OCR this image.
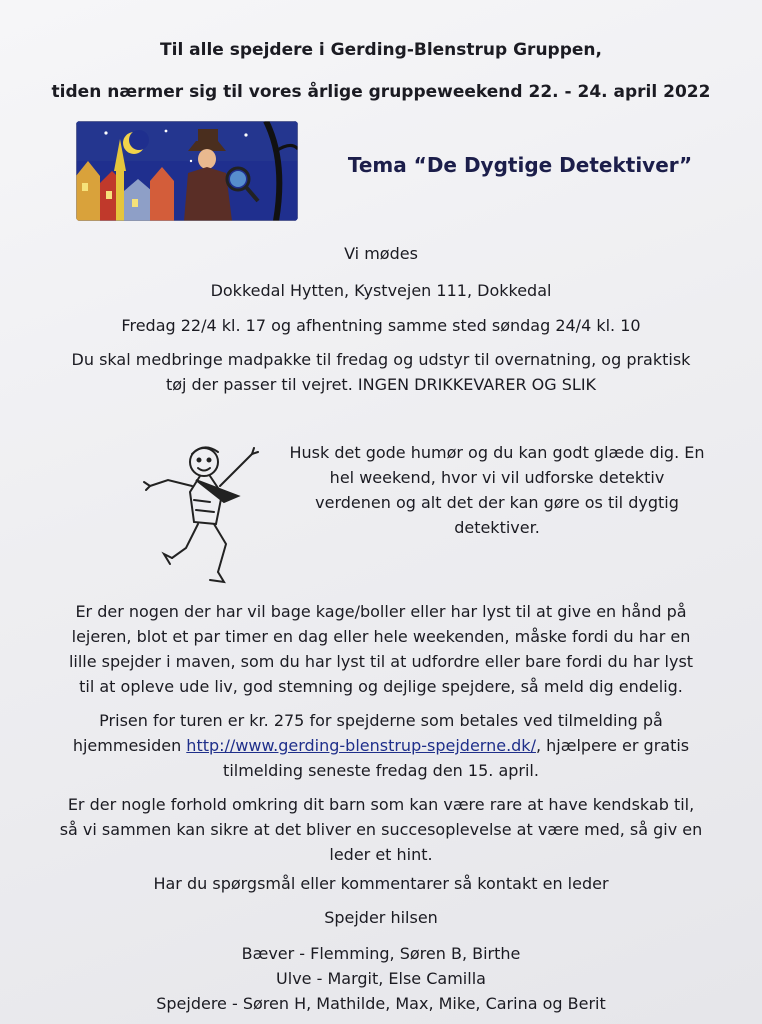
Til alle spejdere i Gerding-Blenstrup Gruppen,
tiden nærmer sig til vores årlige gruppeweekend 22. - 24. april 2022
Tema “De Dygtige Detektiver”
Vi mødes
Dokkedal Hytten, Kystvejen 111, Dokkedal
Fredag 22/4 kl. 17 og afhentning samme sted søndag 24/4 kl. 10
Du skal medbringe madpakke til fredag og udstyr til overnatning, og praktisk
tøj der passer til vejret. INGEN DRIKKEVARER OG SLIK
Husk det gode humør og du kan godt glæde dig. En
hel weekend, hvor vi vil udforske detektiv
verdenen og alt det der kan gøre os til dygtig
detektiver.
Er der nogen der har vil bage kage/boller eller har lyst til at give en hånd på
lejeren, blot et par timer en dag eller hele weekenden, måske fordi du har en
lille spejder i maven, som du har lyst til at udfordre eller bare fordi du har lyst
til at opleve ude liv, god stemning og dejlige spejdere, så meld dig endelig.
Prisen for turen er kr. 275 for spejderne som betales ved tilmelding på
hjemmesiden http://www.gerding-blenstrup-spejderne.dk/, hjælpere er gratis
tilmelding seneste fredag den 15. april.
Er der nogle forhold omkring dit barn som kan være rare at have kendskab til,
så vi sammen kan sikre at det bliver en succesoplevelse at være med, så giv en
leder et hint.
Har du spørgsmål eller kommentarer så kontakt en leder
Spejder hilsen
Bæver - Flemming, Søren B, Birthe
Ulve - Margit, Else Camilla
Spejdere - Søren H, Mathilde, Max, Mike, Carina og Berit
